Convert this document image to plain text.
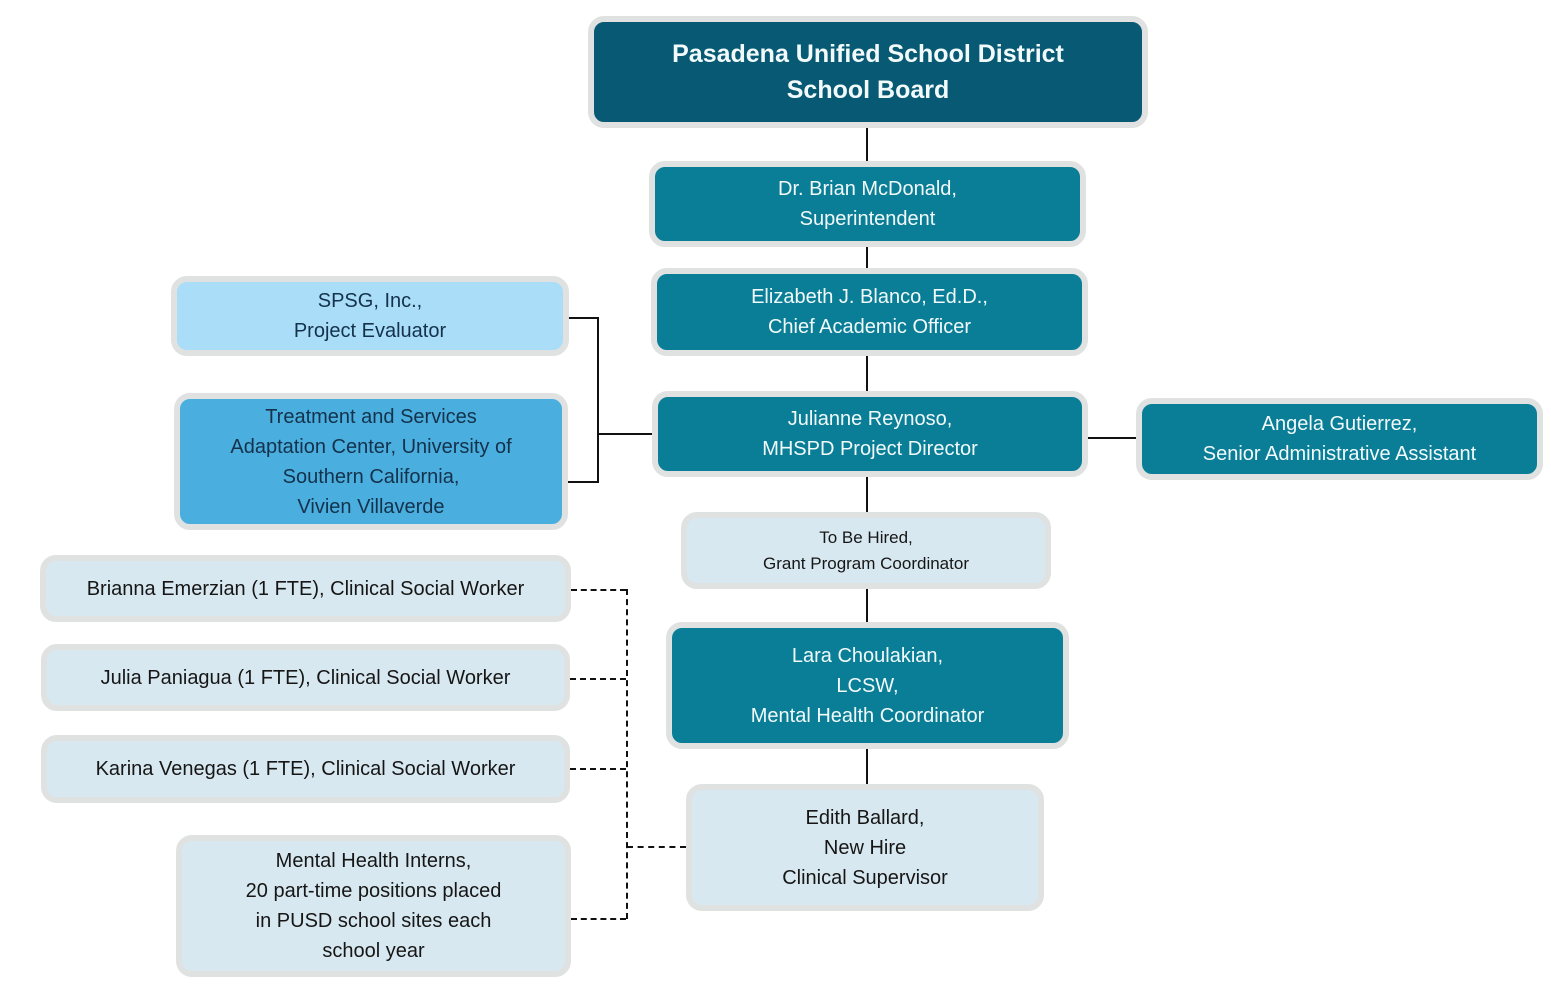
Pasadena Unified School District
School Board
Dr. Brian McDonald,
Superintendent
Elizabeth J. Blanco, Ed.D.,
Chief Academic Officer
Julianne Reynoso,
MHSPD Project Director
Angela Gutierrez,
Senior Administrative Assistant
SPSG, Inc.,
Project Evaluator
Treatment and Services
Adaptation Center, University of
Southern California,
Vivien Villaverde
To Be Hired,
Grant Program Coordinator
Lara Choulakian,
LCSW,
Mental Health Coordinator
Edith Ballard,
New Hire
Clinical Supervisor
Brianna Emerzian (1 FTE), Clinical Social Worker
Julia Paniagua (1 FTE), Clinical Social Worker
Karina Venegas (1 FTE), Clinical Social Worker
Mental Health Interns,
20 part-time positions placed
in PUSD school sites each
school year
